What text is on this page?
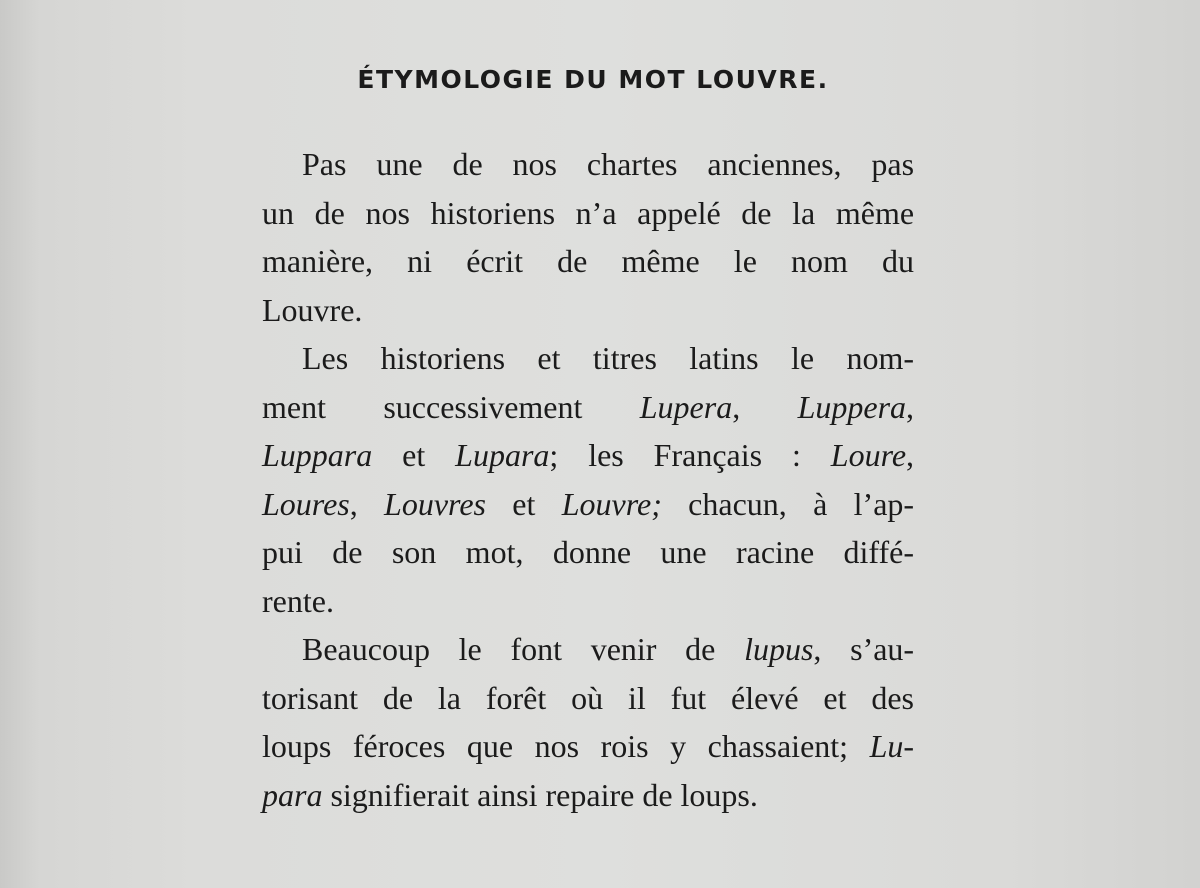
ÉTYMOLOGIE DU MOT LOUVRE.
Pas une de nos chartes anciennes, pas
un de nos historiens n’a appelé de la même
manière, ni écrit de même le nom du
Louvre.
Les historiens et titres latins le nom-
ment successivement Lupera, Luppera,
Luppara et Lupara; les Français : Loure,
Loures, Louvres et Louvre; chacun, à l’ap-
pui de son mot, donne une racine diffé-
rente.
Beaucoup le font venir de lupus, s’au-
torisant de la forêt où il fut élevé et des
loups féroces que nos rois y chassaient; Lu-
para signifierait ainsi repaire de loups.
